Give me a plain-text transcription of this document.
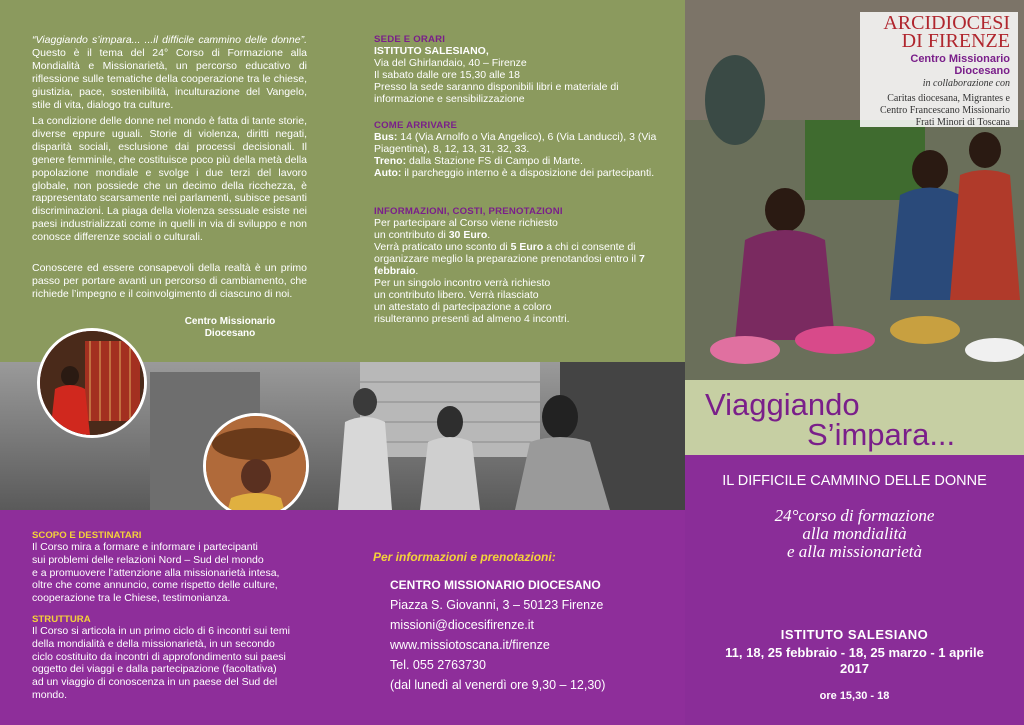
“Viaggiando s’impara... ...il difficile cammino delle donne”. Questo è il tema del 24° Corso di Formazione alla Mondialità e Missionarietà, un percorso educativo di riflessione sulle tematiche della cooperazione tra le chiese, giustizia, pace, sostenibilità, inculturazione del Vangelo, stile di vita, dialogo tra culture.
La condizione delle donne nel mondo è fatta di tante storie, diverse eppure uguali. Storie di violenza, diritti negati, disparità sociali, esclusione dai processi decisionali. Il genere femminile, che costituisce poco più della metà della popolazione mondiale e svolge i due terzi del lavoro globale, non possiede che un decimo della ricchezza, è rappresentato scarsamente nei parlamenti, subisce pesanti discriminazioni. La piaga della violenza sessuale esiste nei paesi industrializzati come in quelli in via di sviluppo e non conosce differenze sociali o culturali.
Conoscere ed essere consapevoli della realtà è un primo passo per portare avanti un percorso di cambiamento, che richiede l’impegno e il coinvolgimento di ciascuno di noi.
Centro Missionario
Diocesano
SEDE E ORARI
ISTITUTO SALESIANO,
Via del Ghirlandaio, 40 – Firenze
Il sabato dalle ore 15,30 alle 18
Presso la sede saranno disponibili libri e materiale di informazione e sensibilizzazione
COME ARRIVARE
Bus: 14 (Via Arnolfo o Via Angelico), 6 (Via Landucci), 3 (Via Piagentina), 8, 12, 13, 31, 32, 33.
Treno: dalla Stazione FS di Campo di Marte.
Auto: il parcheggio interno è a disposizione dei partecipanti.
INFORMAZIONI, COSTI, PRENOTAZIONI
Per partecipare al Corso viene richiesto
un contributo di 30 Euro.
Verrà praticato uno sconto di 5 Euro a chi ci consente di organizzare meglio la preparazione prenotandosi entro il 7 febbraio.
Per un singolo incontro verrà richiesto
un contributo libero. Verrà rilasciato
un attestato di partecipazione a coloro
risulteranno presenti ad almeno 4 incontri.
SCOPO E DESTINATARI
Il Corso mira a formare e informare i partecipanti
sui problemi delle relazioni Nord – Sud del mondo
e a promuovere l’attenzione alla missionarietà intesa,
oltre che come annuncio, come rispetto delle culture,
cooperazione tra le Chiese, testimonianza.
STRUTTURA
Il Corso si articola in un primo ciclo di 6 incontri sui temi
della mondialità e della missionarietà, in un secondo
ciclo costituito da incontri di approfondimento sui paesi
oggetto dei viaggi e dalla partecipazione (facoltativa)
ad un viaggio di conoscenza in un paese del Sud del
mondo.
Per informazioni e prenotazioni:
CENTRO MISSIONARIO DIOCESANO
Piazza S. Giovanni, 3 – 50123 Firenze
missioni@diocesifirenze.it
www.missiotoscana.it/firenze
Tel. 055 2763730
(dal lunedì al venerdì ore 9,30 – 12,30)
ARCIDIOCESI
DI FIRENZE
Centro Missionario Diocesano
in collaborazione con
Caritas diocesana, Migrantes e
Centro Francescano Missionario
Frati Minori di Toscana
Viaggiando
S’impara...
IL DIFFICILE CAMMINO DELLE DONNE
24°corso di formazione
alla mondialità
e alla missionarietà
ISTITUTO SALESIANO
11, 18, 25 febbraio - 18, 25 marzo - 1 aprile
2017
ore 15,30 - 18
